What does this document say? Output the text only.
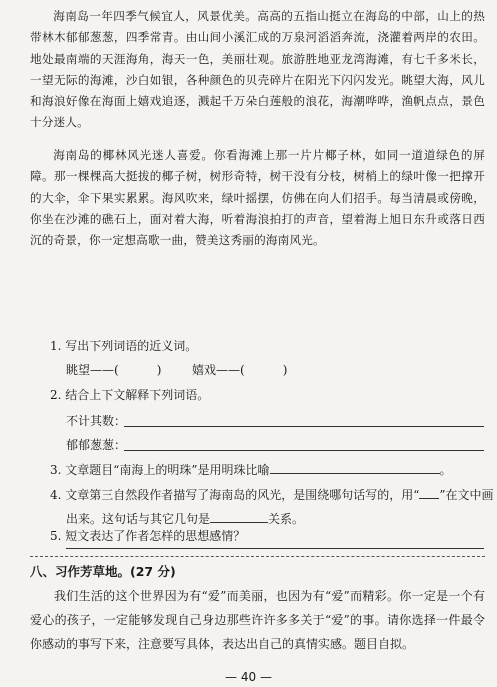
海南岛一年四季气候宜人，风景优美。高高的五指山挺立在海岛的中部，山上的热带林木郁郁葱葱，四季常青。由山间小溪汇成的万泉河滔滔奔流，浇灌着两岸的农田。地处最南端的天涯海角，海天一色，美丽壮观。旅游胜地亚龙湾海滩，有七千多米长，一望无际的海滩，沙白如银，各种颜色的贝壳碎片在阳光下闪闪发光。眺望大海，风儿和海浪好像在海面上嬉戏追逐，溅起千万朵白莲般的浪花，海潮哗哗，渔帆点点，景色十分迷人。
海南岛的椰林风光迷人喜爱。你看海滩上那一片片椰子林，如同一道道绿色的屏障。那一棵棵高大挺拔的椰子树，树形奇特，树干没有分枝，树梢上的绿叶像一把撑开的大伞，伞下果实累累。海风吹来，绿叶摇摆，仿佛在向人们招手。每当清晨或傍晚，你坐在沙滩的礁石上，面对着大海，听着海浪拍打的声音，望着海上旭日东升或落日西沉的奇景，你一定想高歌一曲，赞美这秀丽的海南风光。
1. 写出下列词语的近义词。
眺望——(	)	嬉戏——(	)
2. 结合上下文解释下列词语。
不计其数：
郁郁葱葱：
3. 文章题目“南海上的明珠”是用明珠比喻	。
4. 文章第三自然段作者描写了海南岛的风光，是围绕哪句话写的，用“ ”在文中画
出来。这句话与其它几句是	关系。
5. 短文表达了作者怎样的思想感情？
八、习作芳草地。(27 分)
我们生活的这个世界因为有“爱”而美丽，也因为有“爱”而精彩。你一定是一个有爱心的孩子，一定能够发现自己身边那些许许多多关于“爱”的事。请你选择一件最令你感动的事写下来，注意要写具体，表达出自己的真情实感。题目自拟。
— 40 —
